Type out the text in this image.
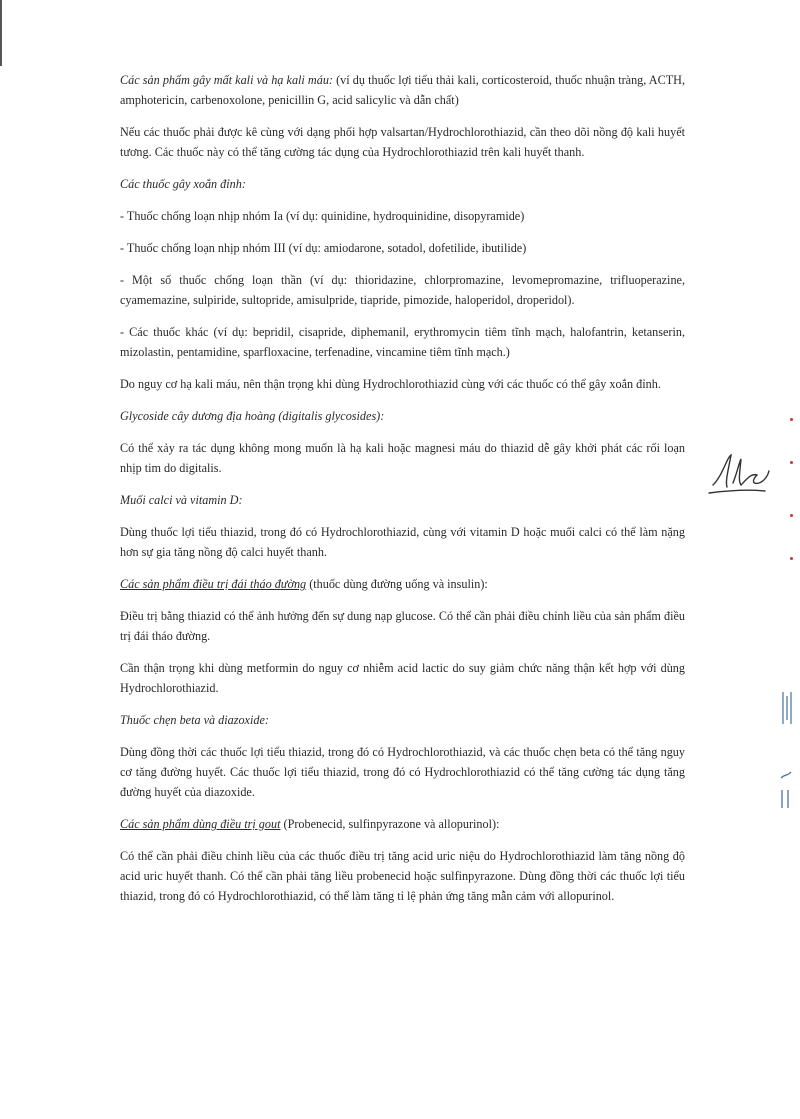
Các sản phẩm gây mất kali và hạ kali máu: (ví dụ thuốc lợi tiểu thải kali, corticosteroid, thuốc nhuận tràng, ACTH, amphotericin, carbenoxolone, penicillin G, acid salicylic và dẫn chất)

Nếu các thuốc phải được kê cùng với dạng phối hợp valsartan/Hydrochlorothiazid, cần theo dõi nồng độ kali huyết tương. Các thuốc này có thể tăng cường tác dụng của Hydrochlorothiazid trên kali huyết thanh.

Các thuốc gây xoắn đỉnh:

- Thuốc chống loạn nhịp nhóm Ia (ví dụ: quinidine, hydroquinidine, disopyramide)

- Thuốc chống loạn nhịp nhóm III (ví dụ: amiodarone, sotadol, dofetilide, ibutilide)

- Một số thuốc chống loạn thần (ví dụ: thioridazine, chlorpromazine, levomepromazine, trifluoperazine, cyamemazine, sulpiride, sultopride, amisulpride, tiapride, pimozide, haloperidol, droperidol).

- Các thuốc khác (ví dụ: bepridil, cisapride, diphemanil, erythromycin tiêm tĩnh mạch, halofantrin, ketanserin, mizolastin, pentamidine, sparfloxacine, terfenadine, vincamine tiêm tĩnh mạch.)

Do nguy cơ hạ kali máu, nên thận trọng khi dùng Hydrochlorothiazid cùng với các thuốc có thể gây xoắn đỉnh.

Glycoside cây dương địa hoàng (digitalis glycosides):

Có thể xảy ra tác dụng không mong muốn là hạ kali hoặc magnesi máu do thiazid dễ gây khởi phát các rối loạn nhịp tim do digitalis.

Muối calci và vitamin D:

Dùng thuốc lợi tiểu thiazid, trong đó có Hydrochlorothiazid, cùng với vitamin D hoặc muối calci có thể làm nặng hơn sự gia tăng nồng độ calci huyết thanh.

Các sản phẩm điều trị đái tháo đường (thuốc dùng đường uống và insulin):

Điều trị bằng thiazid có thể ảnh hưởng đến sự dung nạp glucose. Có thể cần phải điều chỉnh liều của sản phẩm điều trị đái tháo đường.

Cần thận trọng khi dùng metformin do nguy cơ nhiễm acid lactic do suy giảm chức năng thận kết hợp với dùng Hydrochlorothiazid.

Thuốc chẹn beta và diazoxide:

Dùng đồng thời các thuốc lợi tiểu thiazid, trong đó có Hydrochlorothiazid, và các thuốc chẹn beta có thể tăng nguy cơ tăng đường huyết. Các thuốc lợi tiểu thiazid, trong đó có Hydrochlorothiazid có thể tăng cường tác dụng tăng đường huyết của diazoxide.

Các sản phẩm dùng điều trị gout (Probenecid, sulfinpyrazone và allopurinol):

Có thể cần phải điều chỉnh liều của các thuốc điều trị tăng acid uric niệu do Hydrochlorothiazid làm tăng nồng độ acid uric huyết thanh. Có thể cần phải tăng liều probenecid hoặc sulfinpyrazone. Dùng đồng thời các thuốc lợi tiểu thiazid, trong đó có Hydrochlorothiazid, có thể làm tăng tỉ lệ phản ứng tăng mẫn cảm với allopurinol.
